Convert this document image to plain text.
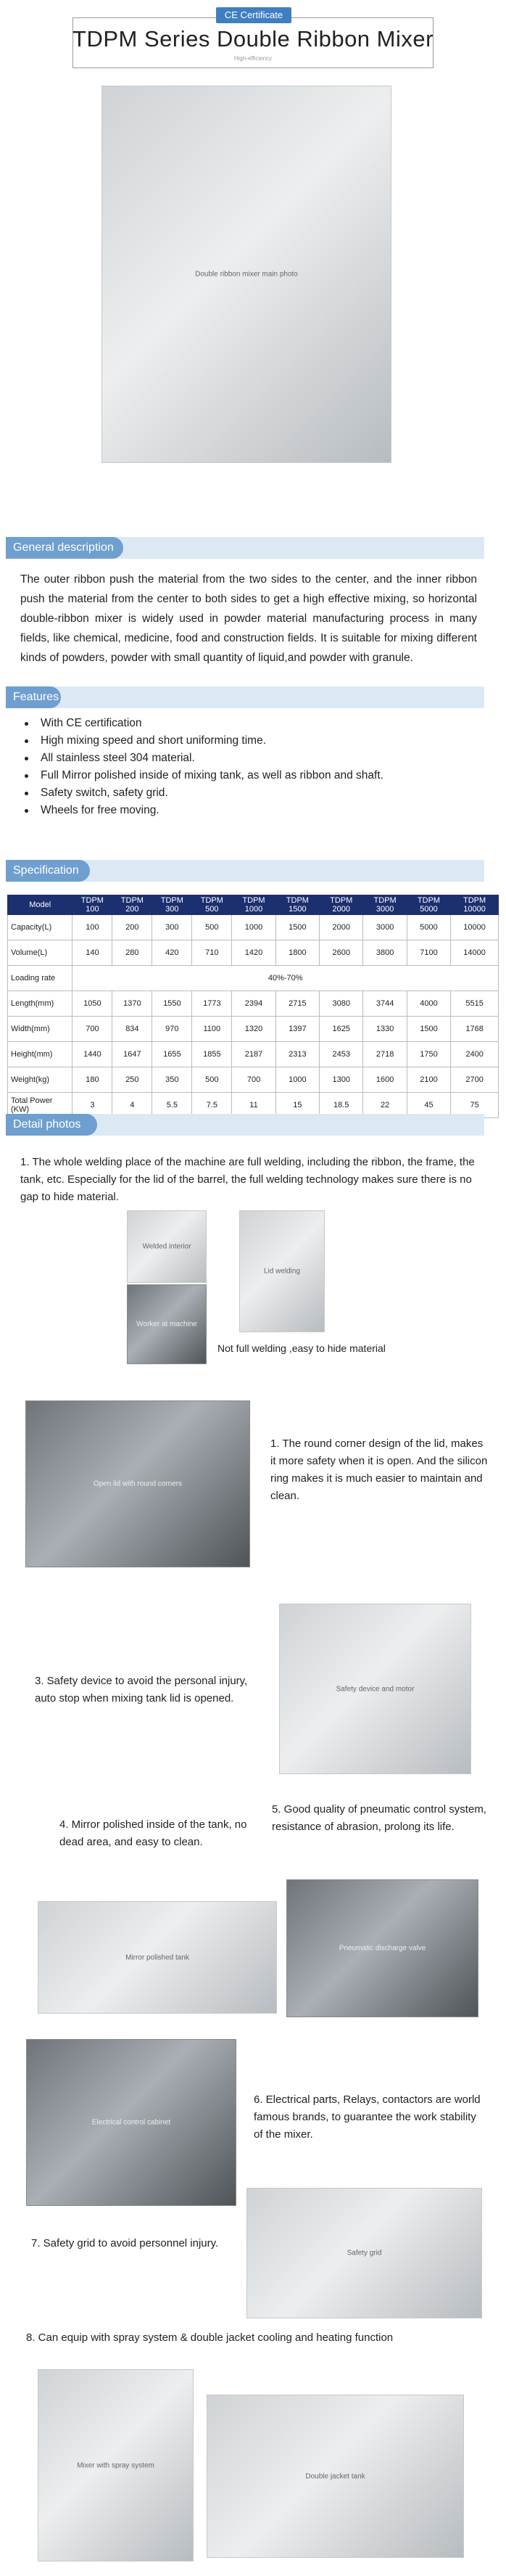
CE Certificate
TDPM Series Double Ribbon Mixer
High-efficiency
Double ribbon mixer main photo
General description
The outer ribbon push the material from the two sides to the center, and the inner ribbon push the material from the center to both sides to get a high effective mixing, so horizontal double-ribbon mixer is widely used in powder material manufacturing process in many fields, like chemical, medicine, food and construction fields. It is suitable for mixing different kinds of powders, powder with small quantity of liquid,and powder with granule.
Features
With CE certification
High mixing speed and short uniforming time.
All stainless steel 304 material.
Full Mirror polished inside of mixing tank, as well as ribbon and shaft.
Safety switch, safety grid.
Wheels for free moving.
Specification
Model	TDPM 100	TDPM 200	TDPM 300	TDPM 500	TDPM 1000	TDPM 1500	TDPM 2000	TDPM 3000	TDPM 5000	TDPM 10000
Capacity(L)	100	200	300	500	1000	1500	2000	3000	5000	10000
Volume(L)	140	280	420	710	1420	1800	2600	3800	7100	14000
Loading rate	40%-70%									
Length(mm)	1050	1370	1550	1773	2394	2715	3080	3744	4000	5515
Width(mm)	700	834	970	1100	1320	1397	1625	1330	1500	1768
Height(mm)	1440	1647	1655	1855	2187	2313	2453	2718	1750	2400
Weight(kg)	180	250	350	500	700	1000	1300	1600	2100	2700
Total Power (KW)	3	4	5.5	7.5	11	15	18.5	22	45	75
Detail photos
1. The whole welding place of the machine are full welding, including the ribbon, the frame, the tank, etc. Especially for the lid of the barrel, the full welding technology makes sure there is no gap to hide material.
Welded interior
Worker at machine
Lid welding
Not full welding ,easy to hide material
Open lid with round corners
1. The round corner design of the lid, makes it more safety when it is open. And the silicon ring makes it is much easier to maintain and clean.
Safety device and motor
3. Safety device to avoid the personal injury, auto stop when mixing tank lid is opened.
5. Good quality of pneumatic control system, resistance of abrasion, prolong its life.
4. Mirror polished inside of the tank, no dead area, and easy to clean.
Mirror polished tank
Pneumatic discharge valve
Electrical control cabinet
6. Electrical parts, Relays, contactors are world famous brands, to guarantee the work stability of the mixer.
7. Safety grid to avoid personnel injury.
Safety grid
8. Can equip with spray system & double jacket cooling and heating function
Mixer with spray system
Double jacket tank
